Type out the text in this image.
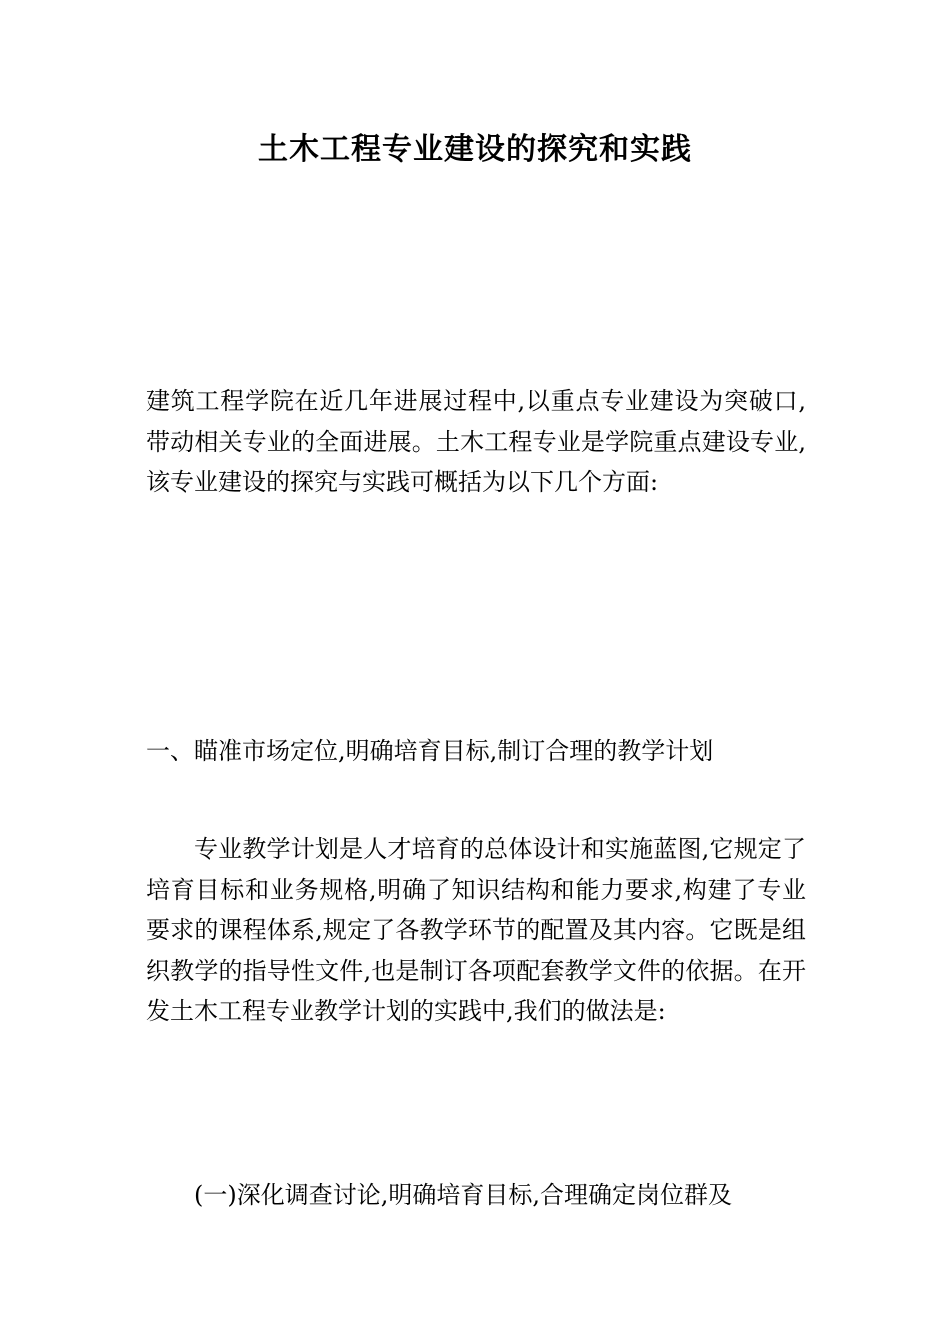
土木工程专业建设的探究和实践

建筑工程学院在近几年进展过程中,以重点专业建设为突破口,带动相关专业的全面进展。土木工程专业是学院重点建设专业,该专业建设的探究与实践可概括为以下几个方面:

一、瞄准市场定位,明确培育目标,制订合理的教学计划

专业教学计划是人才培育的总体设计和实施蓝图,它规定了培育目标和业务规格,明确了知识结构和能力要求,构建了专业要求的课程体系,规定了各教学环节的配置及其内容。它既是组织教学的指导性文件,也是制订各项配套教学文件的依据。在开发土木工程专业教学计划的实践中,我们的做法是:

(一)深化调查讨论,明确培育目标,合理确定岗位群及
